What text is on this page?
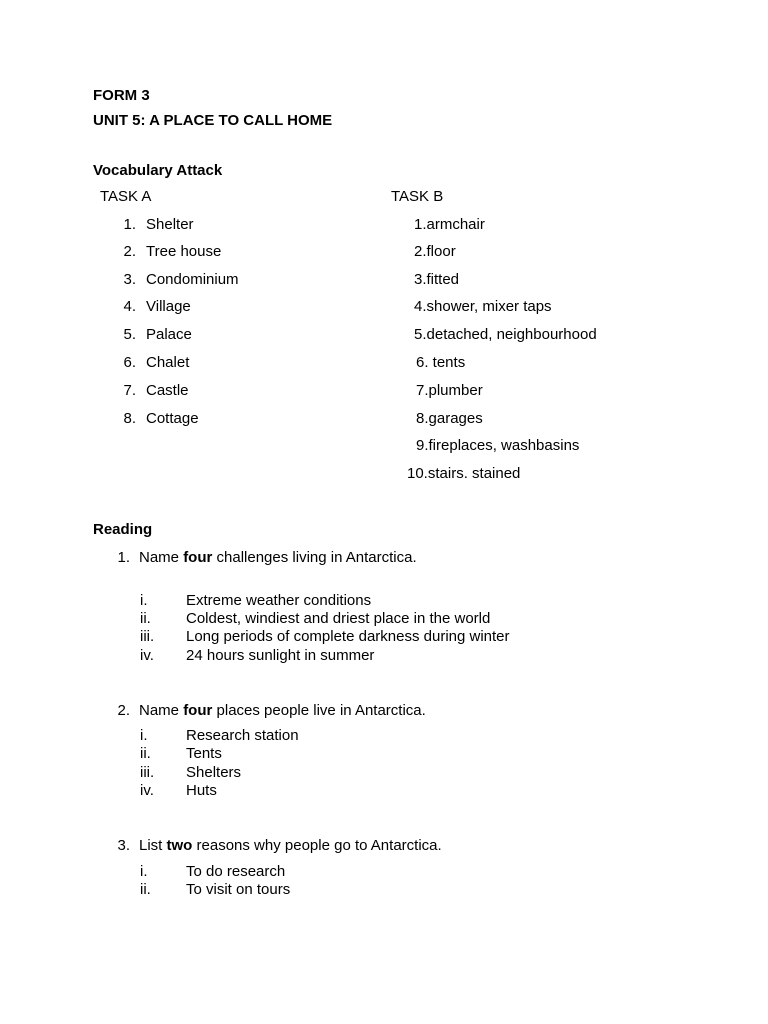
FORM 3
UNIT 5: A PLACE TO CALL HOME
Vocabulary Attack
TASK A	TASK B
1. Shelter
2. Tree house
3. Condominium
4. Village
5. Palace
6. Chalet
7. Castle
8. Cottage
1.armchair
2.floor
3.fitted
4.shower, mixer taps
5.detached, neighbourhood
6. tents
7.plumber
8.garages
9.fireplaces, washbasins
10.stairs. stained
Reading
1. Name four challenges living in Antarctica.
i.	Extreme weather conditions
ii. Coldest, windiest and driest place in the world
iii. Long periods of complete darkness during winter
iv. 24 hours sunlight in summer
2. Name four places people live in Antarctica.
i.	Research station
ii. Tents
iii. Shelters
iv. Huts
3. List two reasons why people go to Antarctica.
i.	To do research
ii. To visit on tours
